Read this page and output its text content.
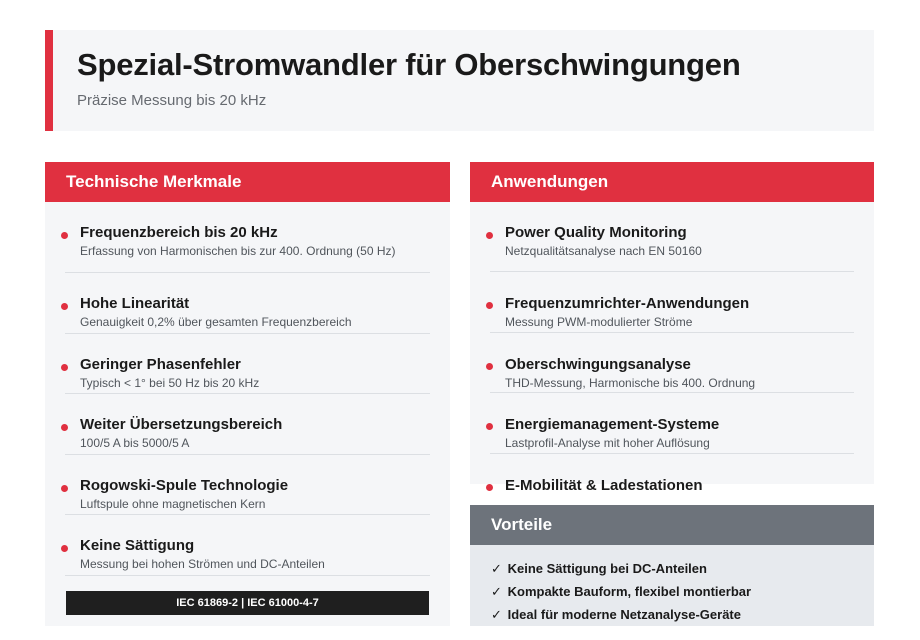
Spezial-Stromwandler für Oberschwingungen
Präzise Messung bis 20 kHz
Technische Merkmale
Frequenzbereich bis 20 kHz
Erfassung von Harmonischen bis zur 400. Ordnung (50 Hz)
Hohe Linearität
Genauigkeit 0,2% über gesamten Frequenzbereich
Geringer Phasenfehler
Typisch < 1° bei 50 Hz bis 20 kHz
Weiter Übersetzungsbereich
100/5 A bis 5000/5 A
Rogowski-Spule Technologie
Luftspule ohne magnetischen Kern
Keine Sättigung
Messung bei hohen Strömen und DC-Anteilen
IEC 61869-2 | IEC 61000-4-7
Anwendungen
Power Quality Monitoring
Netzqualitätsanalyse nach EN 50160
Frequenzumrichter-Anwendungen
Messung PWM-modulierter Ströme
Oberschwingungsanalyse
THD-Messung, Harmonische bis 400. Ordnung
Energiemanagement-Systeme
Lastprofil-Analyse mit hoher Auflösung
E-Mobilität & Ladestationen
Vorteile
✓ Keine Sättigung bei DC-Anteilen
✓ Kompakte Bauform, flexibel montierbar
✓ Ideal für moderne Netzanalyse-Geräte
